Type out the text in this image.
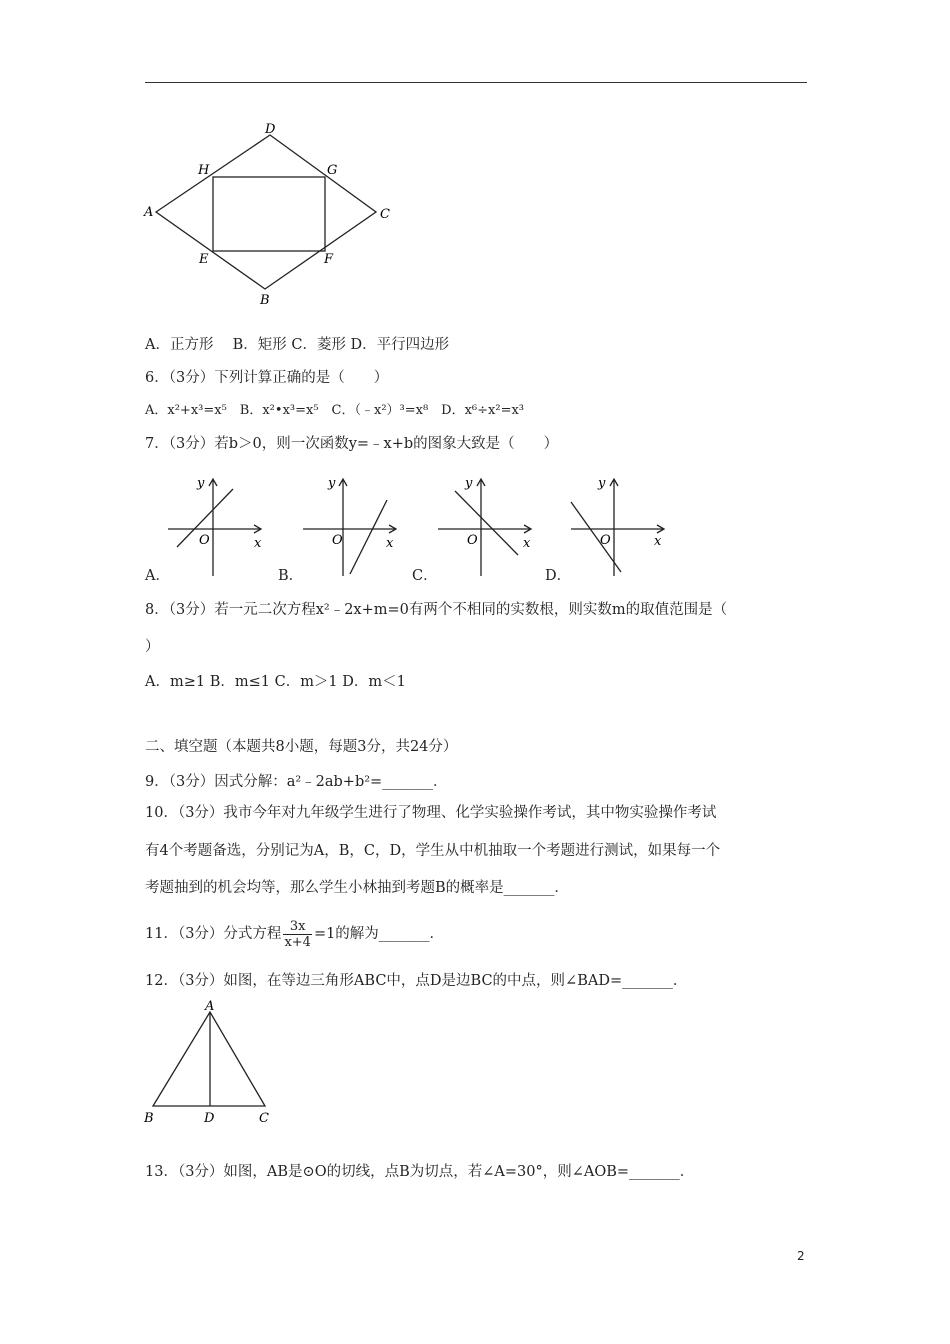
D
H	G
A	C
E	F
B
A．正方形　 B．矩形 C．菱形 D．平行四边形
6．（3分）下列计算正确的是（　　）
A．x²+x³=x⁵　B．x²•x³=x⁵　C．（﹣x²）³=x⁸　D．x⁶÷x²=x³
7．（3分）若b＞0，则一次函数y=﹣x+b的图象大致是（　　）
y
O	x
y
O	x
y
O	x
y
O	x
A．	B．	C．	D．
8．（3分）若一元二次方程x²﹣2x+m=0有两个不相同的实数根，则实数m的取值范围是（
）
A．m≥1 B．m≤1 C．m＞1 D．m＜1
二、填空题（本题共8小题，每题3分，共24分）
9．（3分）因式分解：a²﹣2ab+b²=_______．
10．（3分）我市今年对九年级学生进行了物理、化学实验操作考试，其中物实验操作考试
有4个考题备选，分别记为A，B，C，D，学生从中机抽取一个考题进行测试，如果每一个
考题抽到的机会均等，那么学生小林抽到考题B的概率是_______．
11．（3分）分式方程 $\frac{3x}{x+4} =1$的解为_______．
12．（3分）如图，在等边三角形ABC中，点D是边BC的中点，则∠BAD=_______．
A
B	D	C
13．（3分）如图，AB是⊙O的切线，点B为切点，若∠A=30°，则∠AOB=_______．
2
